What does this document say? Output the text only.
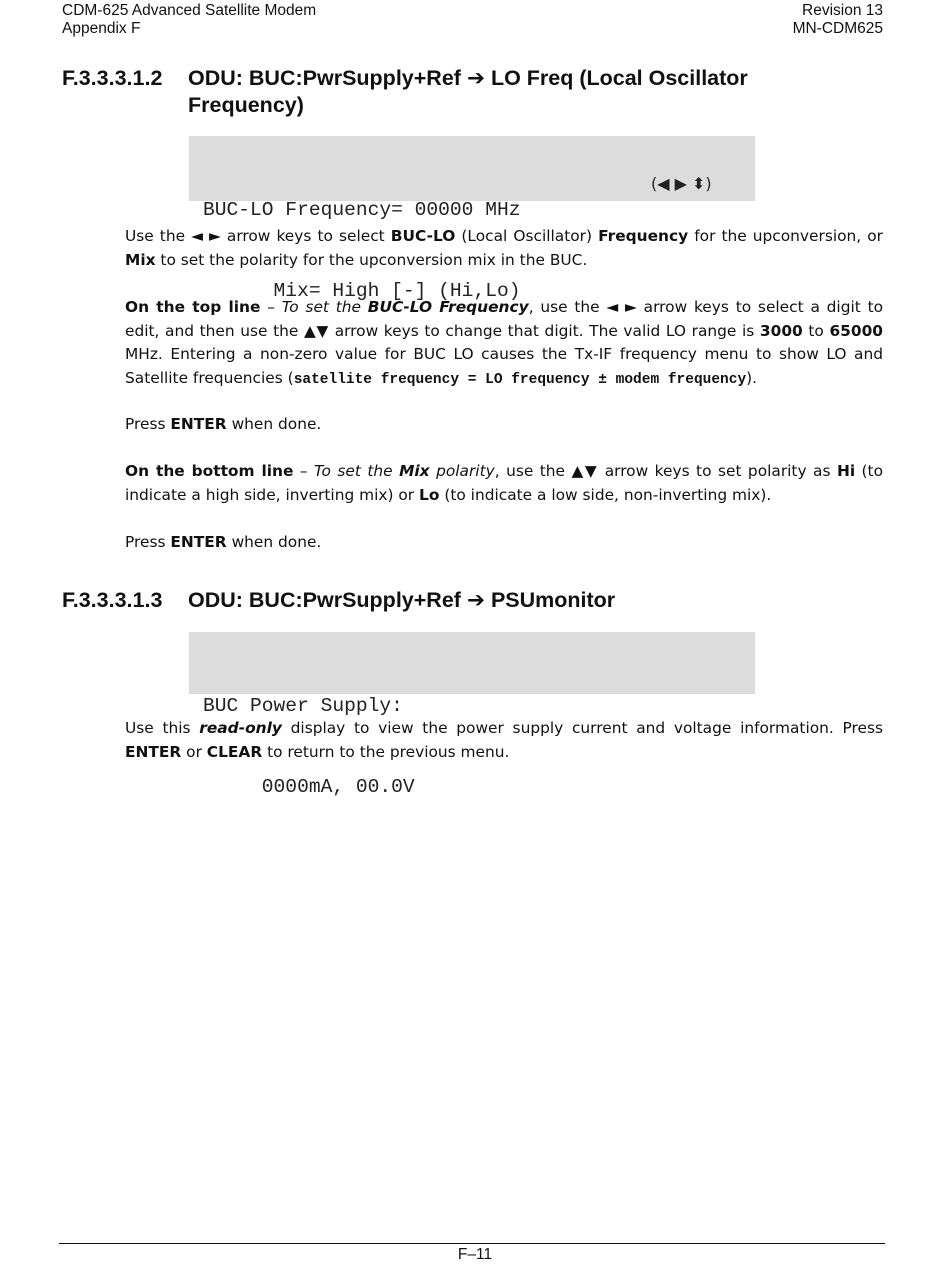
CDM-625 Advanced Satellite Modem
Appendix F
Revision 13
MN-CDM625
F.3.3.3.1.2 ODU: BUC:PwrSupply+Ref ➔ LO Freq (Local Oscillator Frequency)

BUC-LO Frequency= 00000 MHz

Mix= High [-] (Hi,Lo)

(◀ ▶ ⬍)

Use the ◄ ► arrow keys to select BUC-LO (Local Oscillator) Frequency for the upconversion, or Mix to set the polarity for the upconversion mix in the BUC.
On the top line – To set the BUC-LO Frequency, use the ◄ ► arrow keys to select a digit to edit, and then use the ▲▼ arrow keys to change that digit. The valid LO range is 3000 to 65000 MHz. Entering a non-zero value for BUC LO causes the Tx-IF frequency menu to show LO and Satellite frequencies (satellite frequency = LO frequency ± modem frequency).
Press ENTER when done.
On the bottom line – To set the Mix polarity, use the ▲▼ arrow keys to set polarity as Hi (to indicate a high side, inverting mix) or Lo (to indicate a low side, non-inverting mix).
Press ENTER when done.
F.3.3.3.1.3 ODU: BUC:PwrSupply+Ref ➔ PSUmonitor

BUC Power Supply:

0000mA, 00.0V

Use this read-only display to view the power supply current and voltage information. Press ENTER or CLEAR to return to the previous menu.
F–11
